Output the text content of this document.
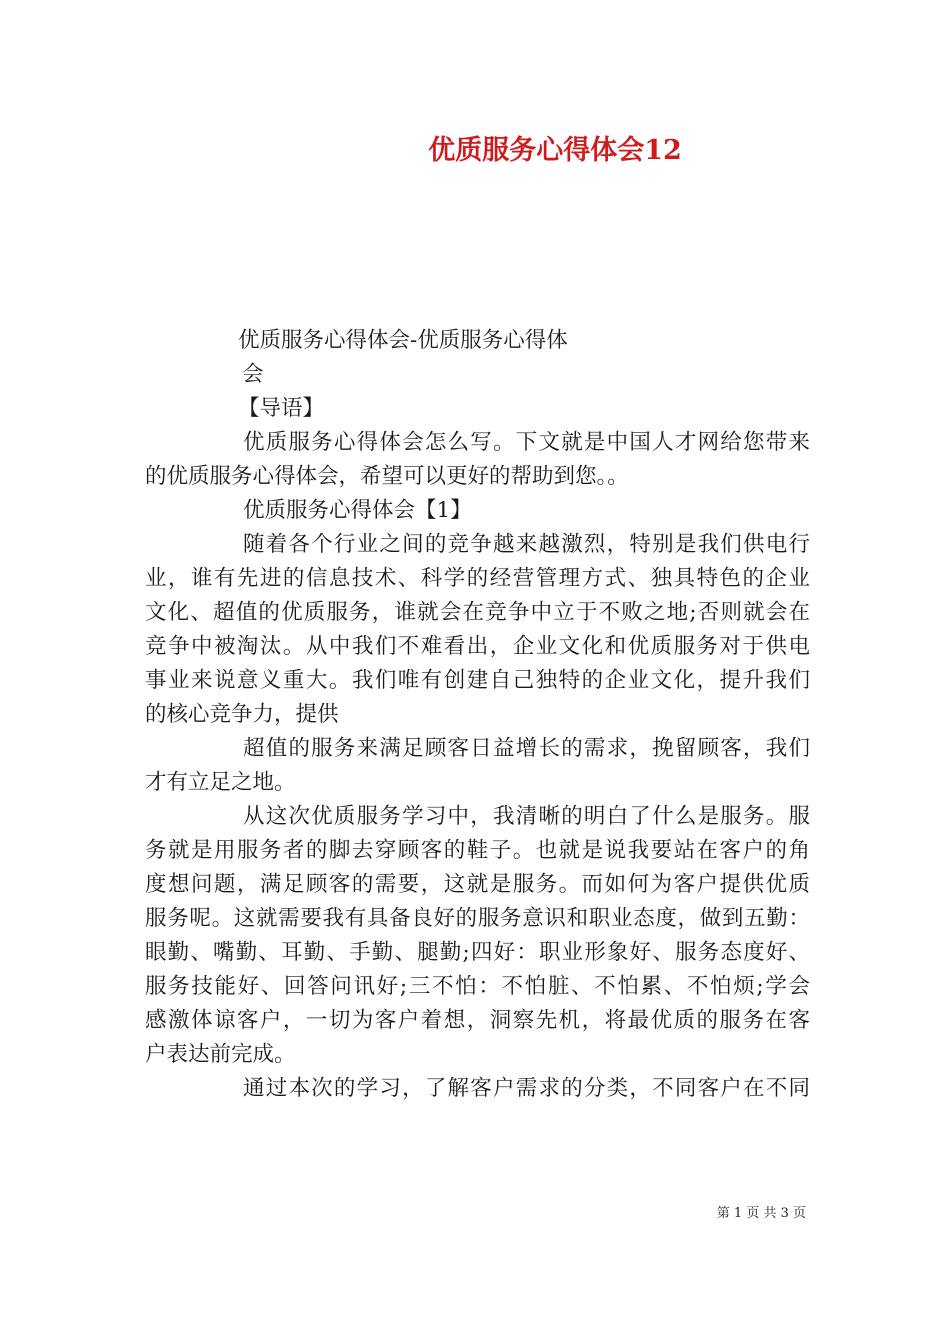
优质服务心得体会12
优质服务心得体会-优质服务心得体
会
【导语】
优质服务心得体会怎么写。下文就是中国人才网给您带来
的优质服务心得体会，希望可以更好的帮助到您。。
优质服务心得体会【1】
随着各个行业之间的竞争越来越激烈，特别是我们供电行
业，谁有先进的信息技术、科学的经营管理方式、独具特色的企业
文化、超值的优质服务，谁就会在竞争中立于不败之地;否则就会在
竞争中被淘汰。从中我们不难看出，企业文化和优质服务对于供电
事业来说意义重大。我们唯有创建自己独特的企业文化，提升我们
的核心竞争力，提供
超值的服务来满足顾客日益增长的需求，挽留顾客，我们
才有立足之地。
从这次优质服务学习中，我清晰的明白了什么是服务。服
务就是用服务者的脚去穿顾客的鞋子。也就是说我要站在客户的角
度想问题，满足顾客的需要，这就是服务。而如何为客户提供优质
服务呢。这就需要我有具备良好的服务意识和职业态度，做到五勤：
眼勤、嘴勤、耳勤、手勤、腿勤;四好：职业形象好、服务态度好、
服务技能好、回答问讯好;三不怕：不怕脏、不怕累、不怕烦;学会
感激体谅客户，一切为客户着想，洞察先机，将最优质的服务在客
户表达前完成。
通过本次的学习，了解客户需求的分类，不同客户在不同
第 1 页 共 3 页
